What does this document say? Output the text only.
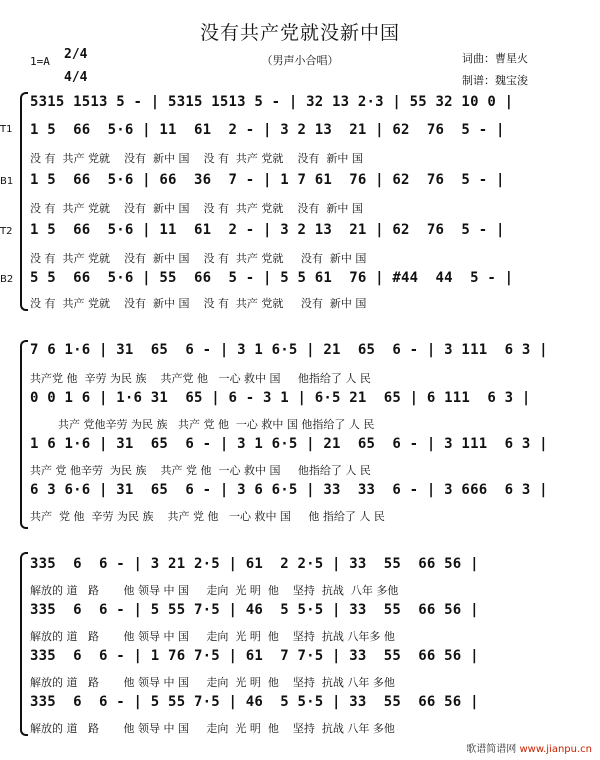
没有共产党就没新中国
（男声小合唱）
1=A 2/4
4/4
词曲：曹星火
制谱：魏宝浚
5315 1513 5 - | 5315 1513 5 - | 32 13 2·3 | 55 32 10 0 |
T1 1 5  66  5·6 | 11  61  2 - | 3 2 13  21 | 62  76  5 - |
没 有  共产 党就    没有  新中 国    没 有  共产 党就    没有  新中 国
B1 1 5  66  5·6 | 66  36  7 - | 1 7 61  76 | 62  76  5 - |
没 有  共产 党就    没有  新中 国    没 有  共产 党就    没有  新中 国
T2 1 5  66  5·6 | 11  61  2 - | 3 2 13  21 | 62  76  5 - |
没 有  共产 党就    没有  新中 国    没 有  共产 党就     没有  新中 国
B2 5 5  66  5·6 | 55  66  5 - | 5 5 61  76 | #44  44  5 - |
没 有  共产 党就    没有  新中 国    没 有  共产 党就     没有  新中 国
7 6 1·6 | 31  65  6 - | 3 1 6·5 | 21  65  6 - | 3 111  6 3 |
共产党 他  辛劳 为民 族    共产党 他   一心 救中 国     他指给了 人 民
0 0 1 6 | 1·6 31  65 | 6 - 3 1 | 6·5 21  65 | 6 111  6 3 |
共产 党他辛劳 为民 族   共产 党 他  一心 救中 国 他指给了 人 民
1 6 1·6 | 31  65  6 - | 3 1 6·5 | 21  65  6 - | 3 111  6 3 |
共产 党 他辛劳  为民 族    共产 党 他  一心 救中 国     他指给了 人 民
6 3 6·6 | 31  65  6 - | 3 6 6·5 | 33  33  6 - | 3 666  6 3 |
共产  党 他  辛劳 为民 族    共产 党 他   一心 救中 国     他 指给了 人 民
335  6  6 - | 3 21 2·5 | 61  2 2·5 | 33  55  66 56 |
解放的 道   路       他 领导 中 国     走向  光 明  他    坚持  抗战  八年 多他
335  6  6 - | 5 55 7·5 | 46  5 5·5 | 33  55  66 56 |
解放的 道   路       他 领导 中 国     走向  光 明  他    坚持  抗战 八年多 他
335  6  6 - | 1 76 7·5 | 61  7 7·5 | 33  55  66 56 |
解放的 道   路       他 领导 中 国     走向  光 明  他    坚持  抗战 八年 多他
335  6  6 - | 5 55 7·5 | 46  5 5·5 | 33  55  66 56 |
解放的 道   路       他 领导 中 国     走向  光 明  他    坚持  抗战 八年 多他
歌谱简谱网 www.jianpu.cn
